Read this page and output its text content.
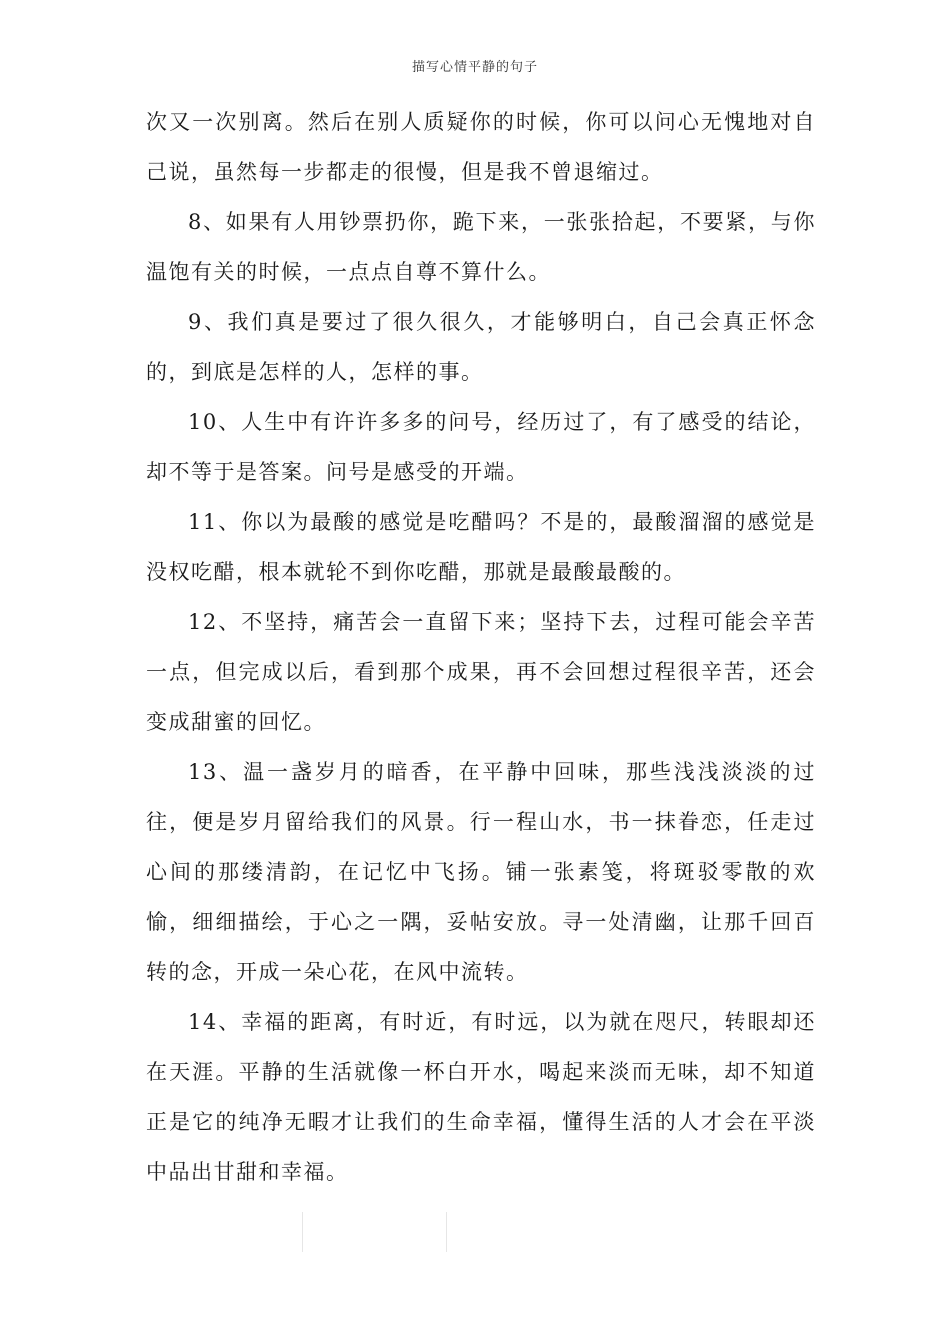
描写心情平静的句子

次又一次别离。然后在别人质疑你的时候，你可以问心无愧地对自己说，虽然每一步都走的很慢，但是我不曾退缩过。

8、如果有人用钞票扔你，跪下来，一张张拾起，不要紧，与你温饱有关的时候，一点点自尊不算什么。

9、我们真是要过了很久很久，才能够明白，自己会真正怀念的，到底是怎样的人，怎样的事。

10、人生中有许许多多的问号，经历过了，有了感受的结论，却不等于是答案。问号是感受的开端。

11、你以为最酸的感觉是吃醋吗？不是的，最酸溜溜的感觉是没权吃醋，根本就轮不到你吃醋，那就是最酸最酸的。

12、不坚持，痛苦会一直留下来；坚持下去，过程可能会辛苦一点，但完成以后，看到那个成果，再不会回想过程很辛苦，还会变成甜蜜的回忆。

13、温一盏岁月的暗香，在平静中回味，那些浅浅淡淡的过往，便是岁月留给我们的风景。行一程山水，书一抹眷恋，任走过心间的那缕清韵，在记忆中飞扬。铺一张素笺，将斑驳零散的欢愉，细细描绘，于心之一隅，妥帖安放。寻一处清幽，让那千回百转的念，开成一朵心花，在风中流转。

14、幸福的距离，有时近，有时远，以为就在咫尺，转眼却还在天涯。平静的生活就像一杯白开水，喝起来淡而无味，却不知道正是它的纯净无暇才让我们的生命幸福，懂得生活的人才会在平淡中品出甘甜和幸福。
